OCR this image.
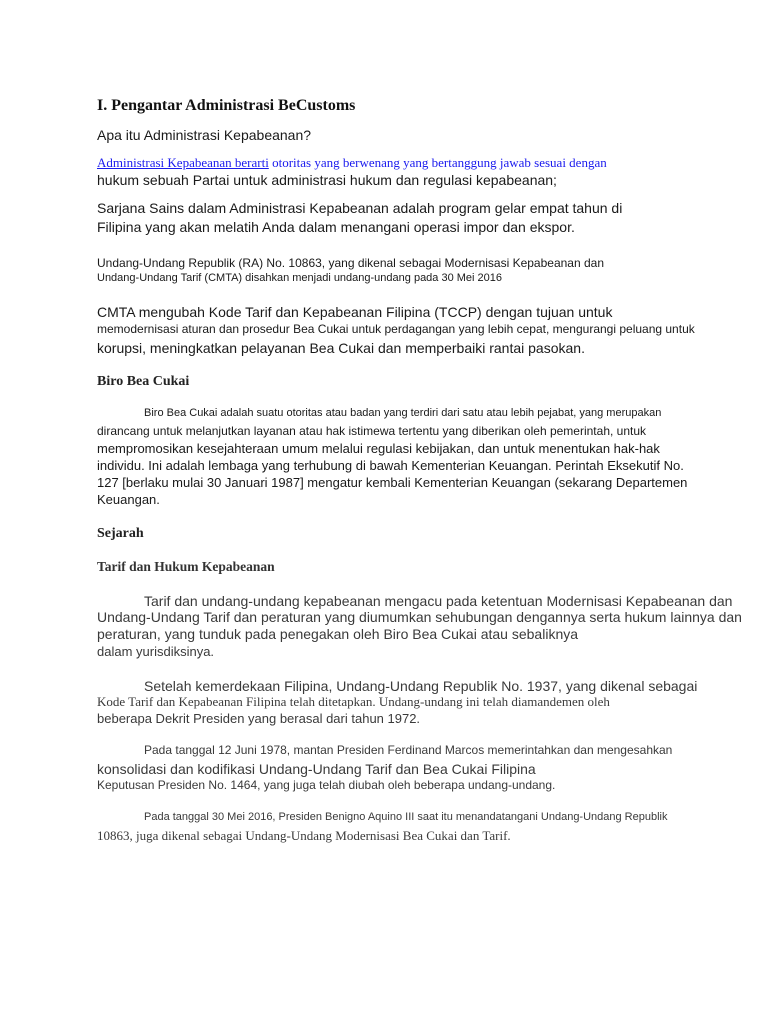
I. Pengantar Administrasi BeCustoms
Apa itu Administrasi Kepabeanan?
Administrasi Kepabeanan berarti otoritas yang berwenang yang bertanggung jawab sesuai dengan
hukum sebuah Partai untuk administrasi hukum dan regulasi kepabeanan;
Sarjana Sains dalam Administrasi Kepabeanan adalah program gelar empat tahun di
Filipina yang akan melatih Anda dalam menangani operasi impor dan ekspor.
Undang-Undang Republik (RA) No. 10863, yang dikenal sebagai Modernisasi Kepabeanan dan
Undang-Undang Tarif (CMTA) disahkan menjadi undang-undang pada 30 Mei 2016
CMTA mengubah Kode Tarif dan Kepabeanan Filipina (TCCP) dengan tujuan untuk
memodernisasi aturan dan prosedur Bea Cukai untuk perdagangan yang lebih cepat, mengurangi peluang untuk
korupsi, meningkatkan pelayanan Bea Cukai dan memperbaiki rantai pasokan.
Biro Bea Cukai
Biro Bea Cukai adalah suatu otoritas atau badan yang terdiri dari satu atau lebih pejabat, yang merupakan
dirancang untuk melanjutkan layanan atau hak istimewa tertentu yang diberikan oleh pemerintah, untuk
mempromosikan kesejahteraan umum melalui regulasi kebijakan, dan untuk menentukan hak-hak
individu. Ini adalah lembaga yang terhubung di bawah Kementerian Keuangan. Perintah Eksekutif No.
127 [berlaku mulai 30 Januari 1987] mengatur kembali Kementerian Keuangan (sekarang Departemen
Keuangan.
Sejarah
Tarif dan Hukum Kepabeanan
Tarif dan undang-undang kepabeanan mengacu pada ketentuan Modernisasi Kepabeanan dan
Undang-Undang Tarif dan peraturan yang diumumkan sehubungan dengannya serta hukum lainnya dan
peraturan, yang tunduk pada penegakan oleh Biro Bea Cukai atau sebaliknya
dalam yurisdiksinya.
Setelah kemerdekaan Filipina, Undang-Undang Republik No. 1937, yang dikenal sebagai
Kode Tarif dan Kepabeanan Filipina telah ditetapkan. Undang-undang ini telah diamandemen oleh
beberapa Dekrit Presiden yang berasal dari tahun 1972.
Pada tanggal 12 Juni 1978, mantan Presiden Ferdinand Marcos memerintahkan dan mengesahkan
konsolidasi dan kodifikasi Undang-Undang Tarif dan Bea Cukai Filipina
Keputusan Presiden No. 1464, yang juga telah diubah oleh beberapa undang-undang.
Pada tanggal 30 Mei 2016, Presiden Benigno Aquino III saat itu menandatangani Undang-Undang Republik
10863, juga dikenal sebagai Undang-Undang Modernisasi Bea Cukai dan Tarif.
